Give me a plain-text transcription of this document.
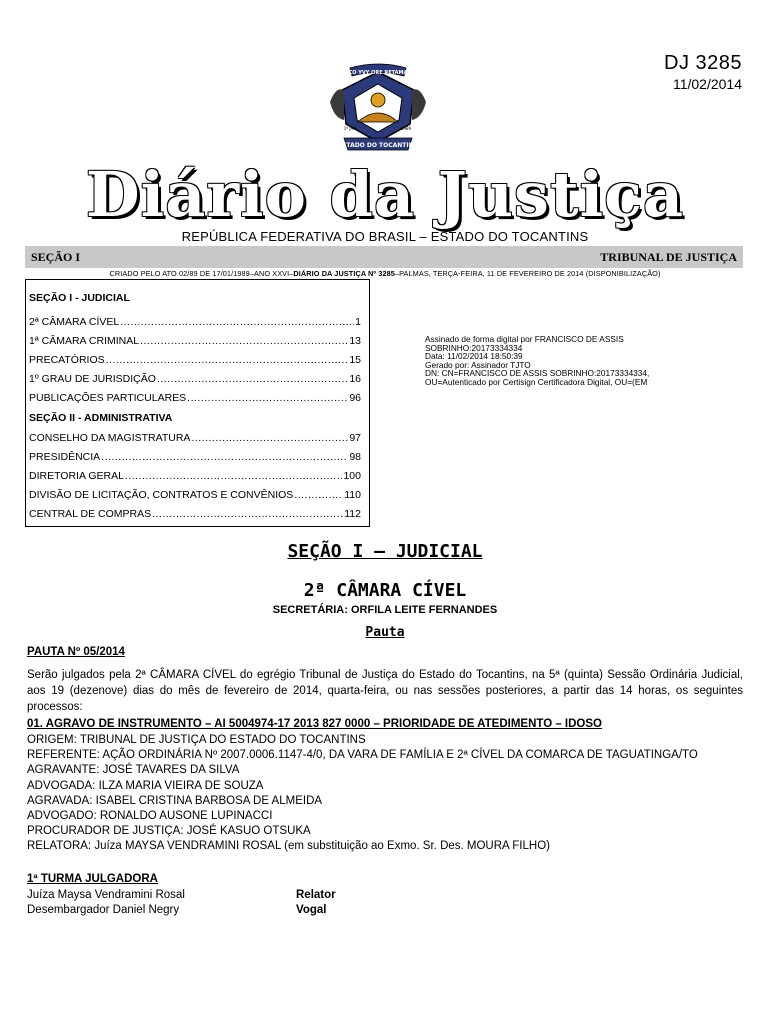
DJ 3285
11/02/2014
CO YVY ORE RETAMA
1º JAN	1989
ESTADO DO TOCANTINS
Diário da Justiça
REPÚBLICA FEDERATIVA DO BRASIL – ESTADO DO TOCANTINS
SEÇÃO I	TRIBUNAL DE JUSTIÇA
CRIADO PELO ATO 02/89 DE 17/01/1989–ANO XXVI–DIÁRIO DA JUSTIÇA Nº 3285–PALMAS, TERÇA-FEIRA, 11 DE FEVEREIRO DE 2014 (DISPONIBILIZAÇÃO)
SEÇÃO I - JUDICIAL
2ª CÂMARA CÍVEL .....	1
1ª CÂMARA CRIMINAL .....	13
PRECATÓRIOS .....	15
1º GRAU DE JURISDIÇÃO .....	16
PUBLICAÇÕES PARTICULARES .....	96
SEÇÃO II - ADMINISTRATIVA
CONSELHO DA MAGISTRATURA .....	97
PRESIDÊNCIA .....	98
DIRETORIA GERAL .....	100
DIVISÃO DE LICITAÇÃO, CONTRATOS E CONVÊNIOS .....	110
CENTRAL DE COMPRAS .....	112
Assinado de forma digital por FRANCISCO DE ASSIS
SOBRINHO:20173334334
Data: 11/02/2014 18:50:39
Gerado por: Assinador TJTO
DN: CN=FRANCISCO DE ASSIS SOBRINHO:20173334334,
OU=Autenticado por Certisign Certificadora Digital, OU=(EM
SEÇÃO I – JUDICIAL
2ª CÂMARA CÍVEL
SECRETÁRIA: ORFILA LEITE FERNANDES
Pauta
PAUTA Nº 05/2014
Serão julgados pela 2ª CÂMARA CÍVEL do egrégio Tribunal de Justiça do Estado do Tocantins, na 5ª (quinta) Sessão Ordinária Judicial, aos 19 (dezenove) dias do mês de fevereiro de 2014, quarta-feira, ou nas sessões posteriores, a partir das 14 horas, os seguintes processos:
01. AGRAVO DE INSTRUMENTO – AI 5004974-17 2013 827 0000 – PRIORIDADE DE ATEDIMENTO – IDOSO
ORIGEM: TRIBUNAL DE JUSTIÇA DO ESTADO DO TOCANTINS
REFERENTE: AÇÃO ORDINÁRIA Nº 2007.0006.1147-4/0, DA VARA DE FAMÍLIA E 2ª CÍVEL DA COMARCA DE TAGUATINGA/TO
AGRAVANTE: JOSÉ TAVARES DA SILVA
ADVOGADA: ILZA MARIA VIEIRA DE SOUZA
AGRAVADA: ISABEL CRISTINA BARBOSA DE ALMEIDA
ADVOGADO: RONALDO AUSONE LUPINACCI
PROCURADOR DE JUSTIÇA: JOSÉ KASUO OTSUKA
RELATORA: Juíza MAYSA VENDRAMINI ROSAL (em substituição ao Exmo. Sr. Des. MOURA FILHO)
1ª TURMA JULGADORA
Juíza Maysa Vendramini Rosal	Relator
Desembargador Daniel Negry	Vogal
